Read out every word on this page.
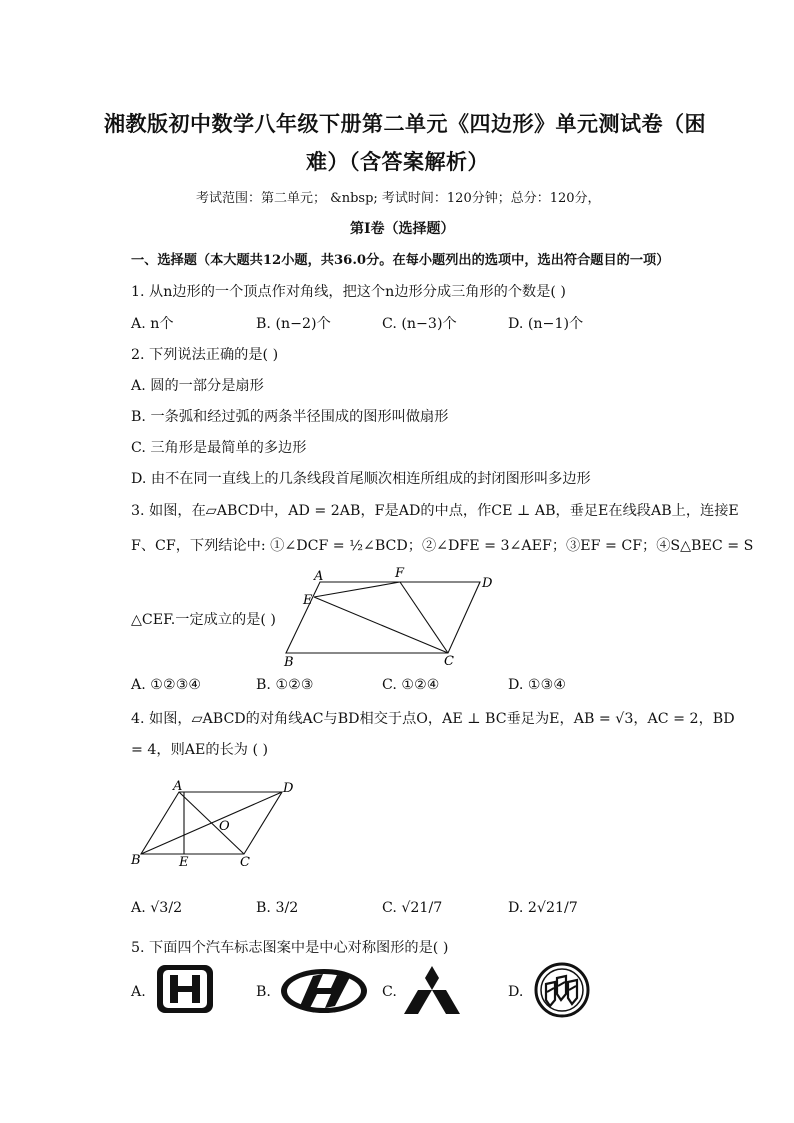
湘教版初中数学八年级下册第二单元《四边形》单元测试卷（困
难）（含答案解析）
考试范围：第二单元； &nbsp; 考试时间：120分钟；总分：120分，
第I卷（选择题）
一、选择题（本大题共12小题，共36.0分。在每小题列出的选项中，选出符合题目的一项）
1. 从n边形的一个顶点作对角线，把这个n边形分成三角形的个数是( )
A. n个	B. (n−2)个	C. (n−3)个	D. (n−1)个
2. 下列说法正确的是( )
A. 圆的一部分是扇形
B. 一条弧和经过弧的两条半径围成的图形叫做扇形
C. 三角形是最简单的多边形
D. 由不在同一直线上的几条线段首尾顺次相连所组成的封闭图形叫多边形
3. 如图，在▱ABCD中，AD = 2AB，F是AD的中点，作CE ⊥ AB，垂足E在线段AB上，连接E
F、CF，下列结论中: ①∠DCF = ½∠BCD；②∠DFE = 3∠AEF；③EF = CF；④S△BEC = S
△CEF.一定成立的是( )
A	F
D
E
B	C
A. ①②③④	B. ①②③	C. ①②④	D. ①③④
4. 如图，▱ABCD的对角线AC与BD相交于点O，AE ⊥ BC垂足为E，AB = √3，AC = 2，BD
= 4，则AE的长为 ( )
A	D
O
B	E	C
A. √3/2	B. 3/2	C. √21/7	D. 2√21/7
5. 下面四个汽车标志图案中是中心对称图形的是( )
A.	B.	C.	D.
